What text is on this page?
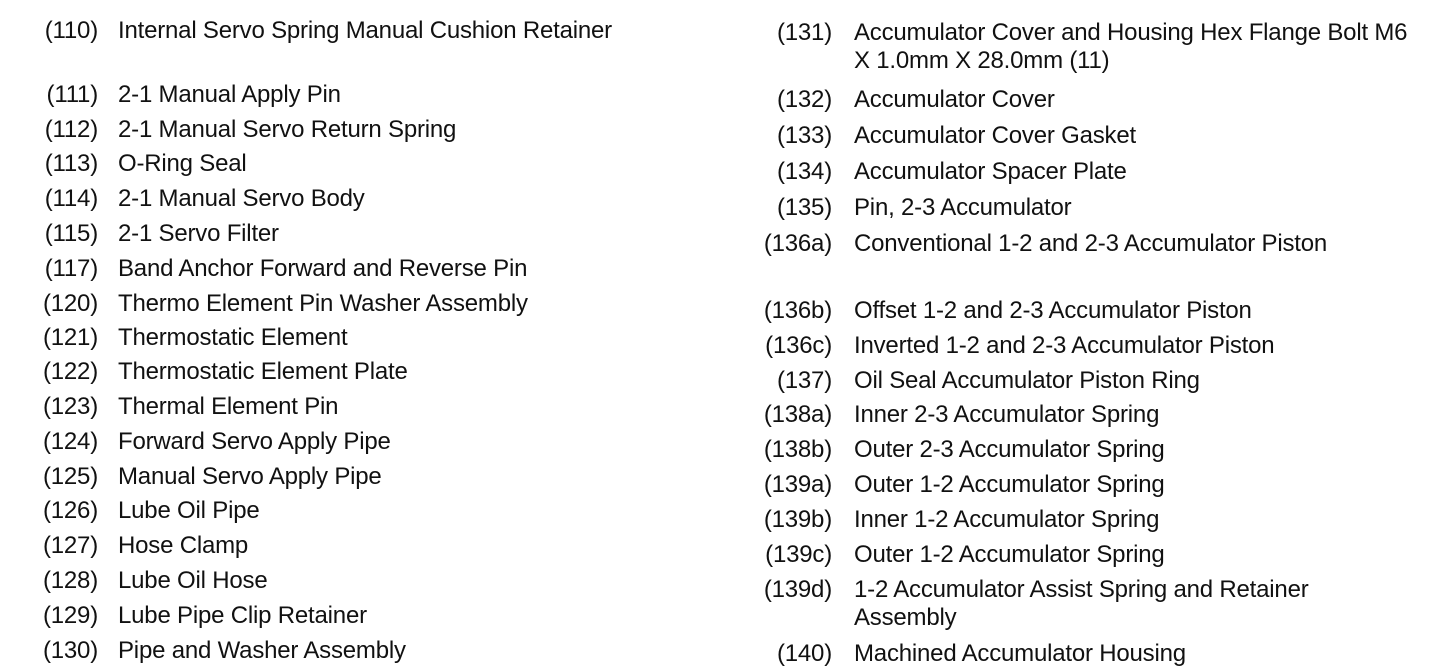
(110) Internal Servo Spring Manual Cushion Retainer
(111) 2-1 Manual Apply Pin
(112) 2-1 Manual Servo Return Spring
(113) O-Ring Seal
(114) 2-1 Manual Servo Body
(115) 2-1 Servo Filter
(117) Band Anchor Forward and Reverse Pin
(120) Thermo Element Pin Washer Assembly
(121) Thermostatic Element
(122) Thermostatic Element Plate
(123) Thermal Element Pin
(124) Forward Servo Apply Pipe
(125) Manual Servo Apply Pipe
(126) Lube Oil Pipe
(127) Hose Clamp
(128) Lube Oil Hose
(129) Lube Pipe Clip Retainer
(130) Pipe and Washer Assembly
(131) Accumulator Cover and Housing Hex Flange Bolt M6 X 1.0mm X 28.0mm (11)
(132) Accumulator Cover
(133) Accumulator Cover Gasket
(134) Accumulator Spacer Plate
(135) Pin, 2-3 Accumulator
(136a) Conventional 1-2 and 2-3 Accumulator Piston
(136b) Offset 1-2 and 2-3 Accumulator Piston
(136c) Inverted 1-2 and 2-3 Accumulator Piston
(137) Oil Seal Accumulator Piston Ring
(138a) Inner 2-3 Accumulator Spring
(138b) Outer 2-3 Accumulator Spring
(139a) Outer 1-2 Accumulator Spring
(139b) Inner 1-2 Accumulator Spring
(139c) Outer 1-2 Accumulator Spring
(139d) 1-2 Accumulator Assist Spring and Retainer Assembly
(140) Machined Accumulator Housing
